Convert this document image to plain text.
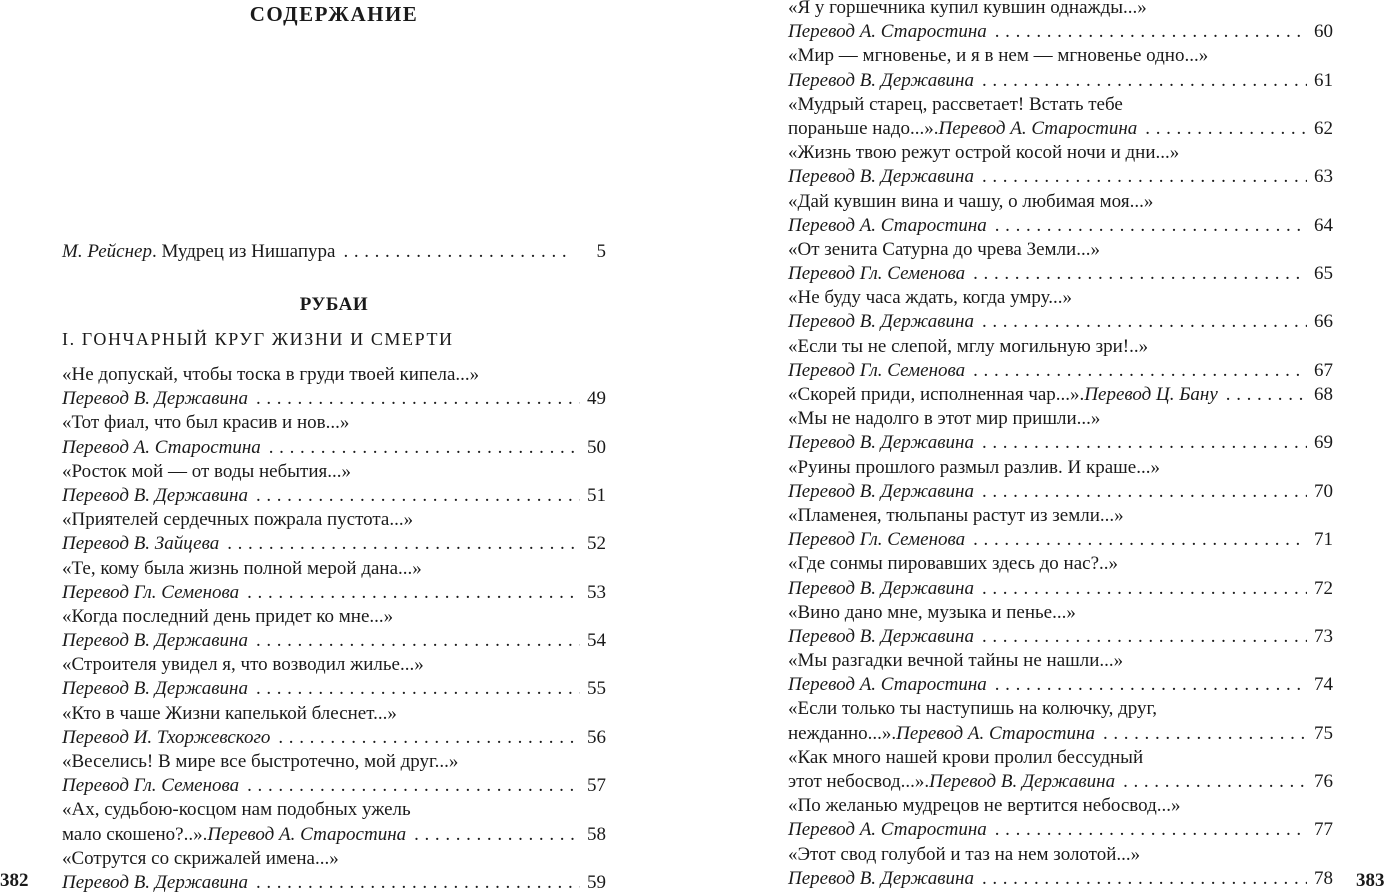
СОДЕРЖАНИЕ
М. Рейснер . Мудрец из Нишапура . . .	5
РУБАИ
I. ГОНЧАРНЫЙ КРУГ ЖИЗНИ И СМЕРТИ
«Не допускай, чтобы тоска в груди твоей кипела...»
Перевод В. Державина . . .	49
«Тот фиал, что был красив и нов...»
Перевод А. Старостина . . .	50
«Росток мой — от воды небытия...»
Перевод В. Державина . . .	51
«Приятелей сердечных пожрала пустота...»
Перевод В. Зайцева . . .	52
«Те, кому была жизнь полной мерой дана...»
Перевод Гл. Семенова . . .	53
«Когда последний день придет ко мне...»
Перевод В. Державина . . .	54
«Строителя увидел я, что возводил жилье...»
Перевод В. Державина . . .	55
«Кто в чаше Жизни капелькой блеснет...»
Перевод И. Тхоржевского . . .	56
«Веселись! В мире все быстротечно, мой друг...»
Перевод Гл. Семенова . . .	57
«Ах, судьбою-косцом нам подобных ужель
мало скошено?..». Перевод А. Старостина . . .	58
«Сотрутся со скрижалей имена...»
Перевод В. Державина . . .	59
«Я у горшечника купил кувшин однажды...»
Перевод А. Старостина . . .	60
«Мир — мгновенье, и я в нем — мгновенье одно...»
Перевод В. Державина . . .	61
«Мудрый старец, рассветает! Встать тебе
пораньше надо...». Перевод А. Старостина . . .	62
«Жизнь твою режут острой косой ночи и дни...»
Перевод В. Державина . . .	63
«Дай кувшин вина и чашу, о любимая моя...»
Перевод А. Старостина . . .	64
«От зенита Сатурна до чрева Земли...»
Перевод Гл. Семенова . . .	65
«Не буду часа ждать, когда умру...»
Перевод В. Державина . . .	66
«Если ты не слепой, мглу могильную зри!..»
Перевод Гл. Семенова . . .	67
«Скорей приди, исполненная чар...». Перевод Ц. Бану . . .	68
«Мы не надолго в этот мир пришли...»
Перевод В. Державина . . .	69
«Руины прошлого размыл разлив. И краше...»
Перевод В. Державина . . .	70
«Пламенея, тюльпаны растут из земли...»
Перевод Гл. Семенова . . .	71
«Где сонмы пировавших здесь до нас?..»
Перевод В. Державина . . .	72
«Вино дано мне, музыка и пенье...»
Перевод В. Державина . . .	73
«Мы разгадки вечной тайны не нашли...»
Перевод А. Старостина . . .	74
«Если только ты наступишь на колючку, друг,
нежданно...». Перевод А. Старостина . . .	75
«Как много нашей крови пролил бессудный
этот небосвод...». Перевод В. Державина . . .	76
«По желанью мудрецов не вертится небосвод...»
Перевод А. Старостина . . .	77
«Этот свод голубой и таз на нем золотой...»
Перевод В. Державина . . .	78
382	383
